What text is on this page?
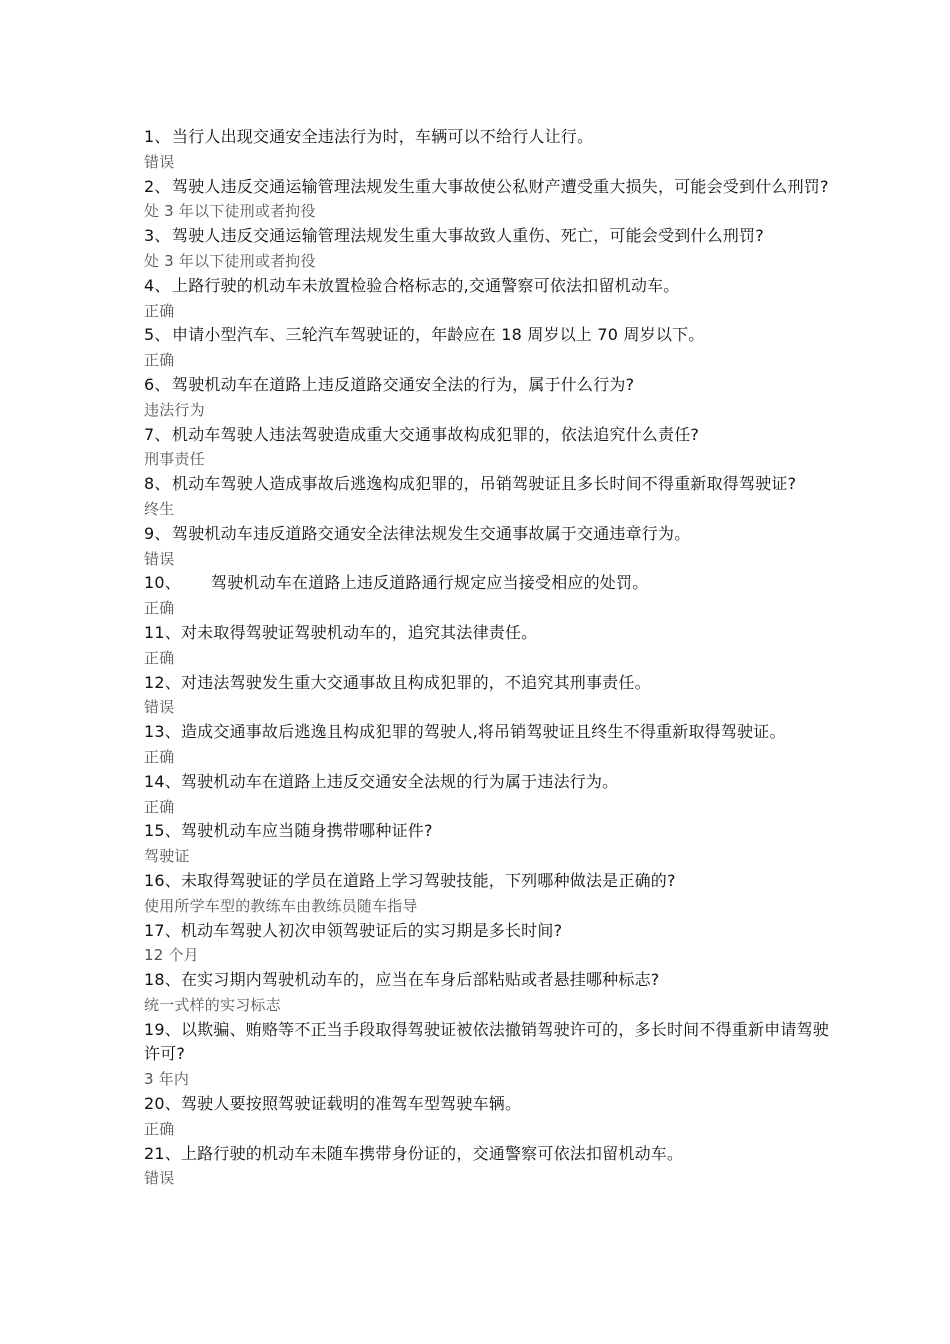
1、 当行人出现交通安全违法行为时，车辆可以不给行人让行。
错误
2、 驾驶人违反交通运输管理法规发生重大事故使公私财产遭受重大损失，可能会受到什么刑罚?
处 3 年以下徒刑或者拘役
3、 驾驶人违反交通运输管理法规发生重大事故致人重伤、死亡，可能会受到什么刑罚?
处 3 年以下徒刑或者拘役
4、 上路行驶的机动车未放置检验合格标志的,交通警察可依法扣留机动车。
正确
5、 申请小型汽车、三轮汽车驾驶证的，年龄应在 18 周岁以上 70 周岁以下。
正确
6、 驾驶机动车在道路上违反道路交通安全法的行为，属于什么行为?
违法行为
7、 机动车驾驶人违法驾驶造成重大交通事故构成犯罪的，依法追究什么责任?
刑事责任
8、 机动车驾驶人造成事故后逃逸构成犯罪的，吊销驾驶证且多长时间不得重新取得驾驶证?
终生
9、 驾驶机动车违反道路交通安全法律法规发生交通事故属于交通违章行为。
错误
10、	驾驶机动车在道路上违反道路通行规定应当接受相应的处罚。
正确
11、对未取得驾驶证驾驶机动车的，追究其法律责任。
正确
12、对违法驾驶发生重大交通事故且构成犯罪的，不追究其刑事责任。
错误
13、造成交通事故后逃逸且构成犯罪的驾驶人,将吊销驾驶证且终生不得重新取得驾驶证。
正确
14、驾驶机动车在道路上违反交通安全法规的行为属于违法行为。
正确
15、驾驶机动车应当随身携带哪种证件?
驾驶证
16、未取得驾驶证的学员在道路上学习驾驶技能，下列哪种做法是正确的?
使用所学车型的教练车由教练员随车指导
17、机动车驾驶人初次申领驾驶证后的实习期是多长时间?
12 个月
18、在实习期内驾驶机动车的，应当在车身后部粘贴或者悬挂哪种标志?
统一式样的实习标志
19、以欺骗、贿赂等不正当手段取得驾驶证被依法撤销驾驶许可的，多长时间不得重新申请驾驶许可?
3 年内
20、驾驶人要按照驾驶证载明的准驾车型驾驶车辆。
正确
21、上路行驶的机动车未随车携带身份证的，交通警察可依法扣留机动车。
错误
